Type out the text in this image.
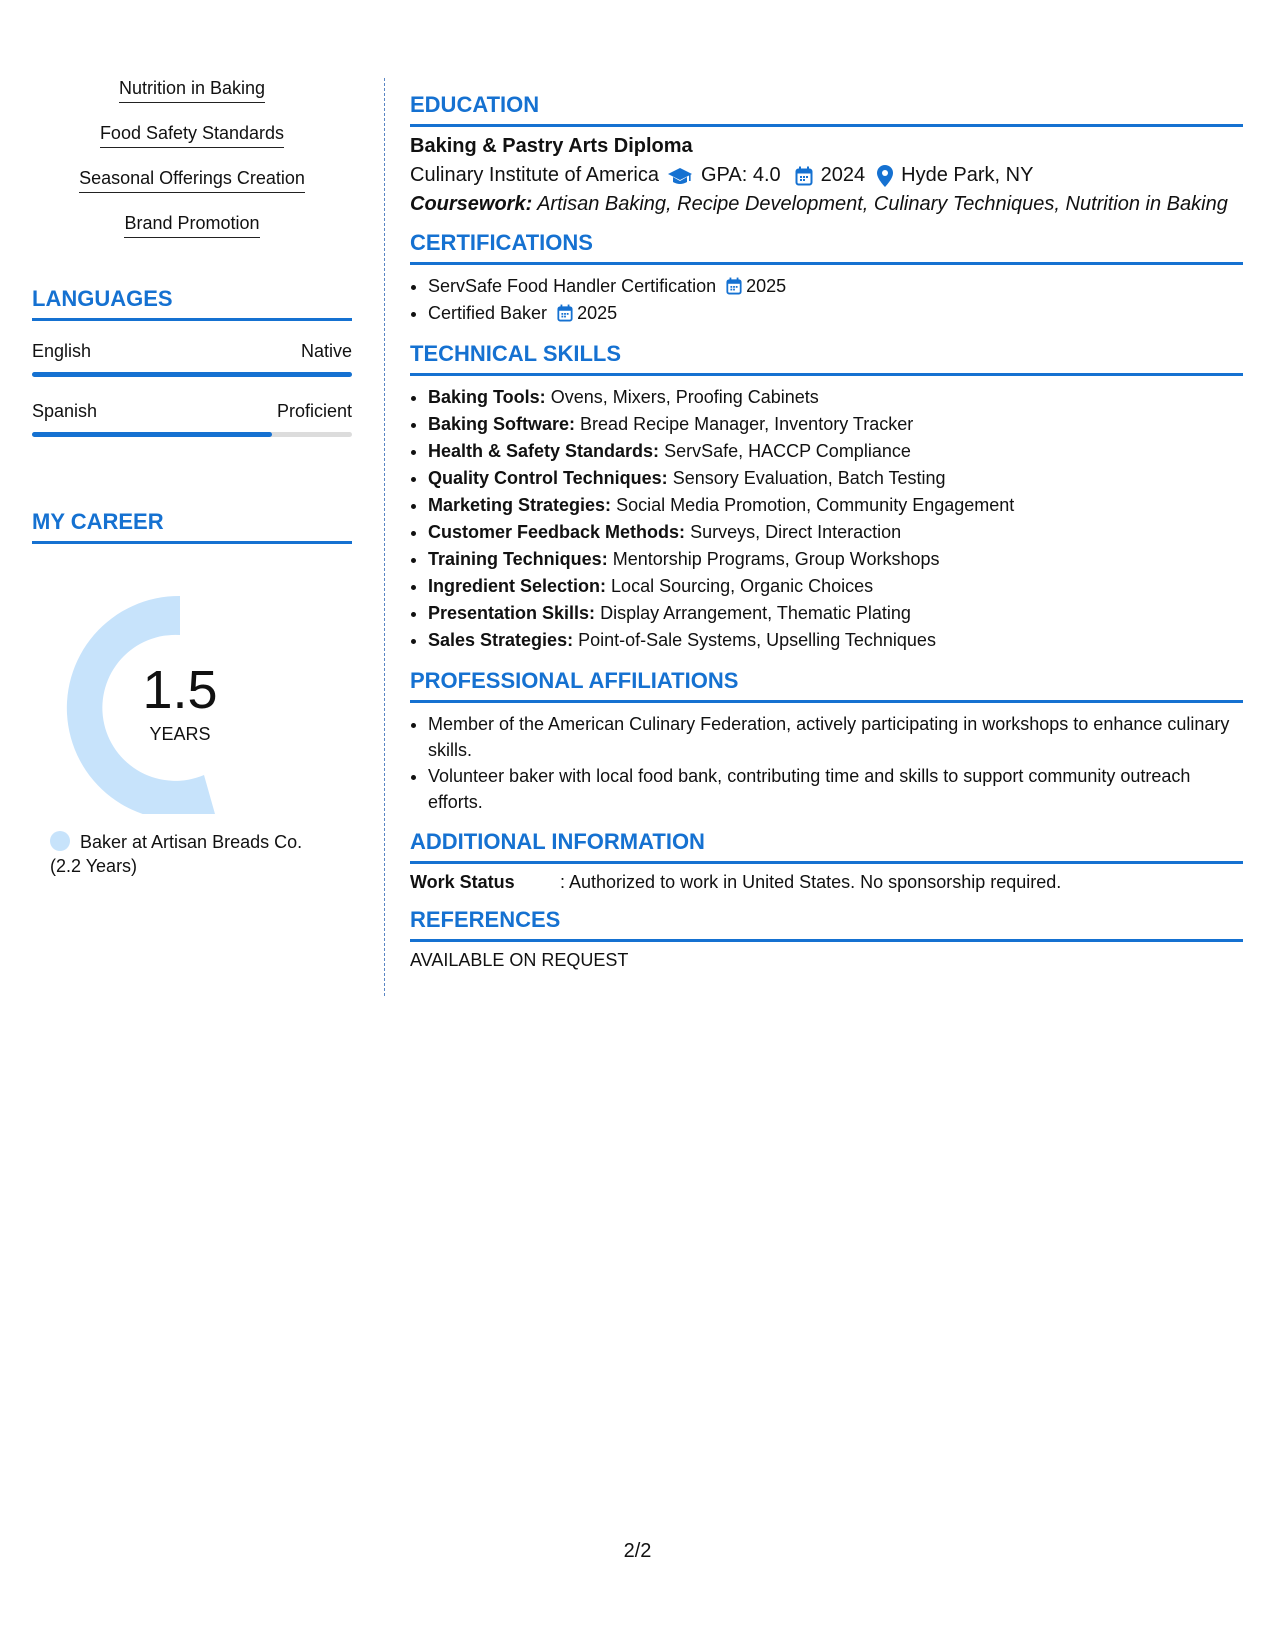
Nutrition in Baking
Food Safety Standards
Seasonal Offerings Creation
Brand Promotion
LANGUAGES
English	Native
Spanish	Proficient
MY CAREER
1.5
YEARS
Baker at Artisan Breads Co.
(2.2 Years)
EDUCATION
Baking & Pastry Arts Diploma
Culinary Institute of America GPA: 4.0 2024 Hyde Park, NY
Coursework: Artisan Baking, Recipe Development, Culinary Techniques, Nutrition in Baking
CERTIFICATIONS
• ServSafe Food Handler Certification 2025
• Certified Baker 2025
TECHNICAL SKILLS
• Baking Tools: Ovens, Mixers, Proofing Cabinets
• Baking Software: Bread Recipe Manager, Inventory Tracker
• Health & Safety Standards: ServSafe, HACCP Compliance
• Quality Control Techniques: Sensory Evaluation, Batch Testing
• Marketing Strategies: Social Media Promotion, Community Engagement
• Customer Feedback Methods: Surveys, Direct Interaction
• Training Techniques: Mentorship Programs, Group Workshops
• Ingredient Selection: Local Sourcing, Organic Choices
• Presentation Skills: Display Arrangement, Thematic Plating
• Sales Strategies: Point-of-Sale Systems, Upselling Techniques
PROFESSIONAL AFFILIATIONS
• Member of the American Culinary Federation, actively participating in workshops to enhance culinary skills.
• Volunteer baker with local food bank, contributing time and skills to support community outreach efforts.
ADDITIONAL INFORMATION
Work Status	: Authorized to work in United States. No sponsorship required.
REFERENCES
AVAILABLE ON REQUEST
2/2
